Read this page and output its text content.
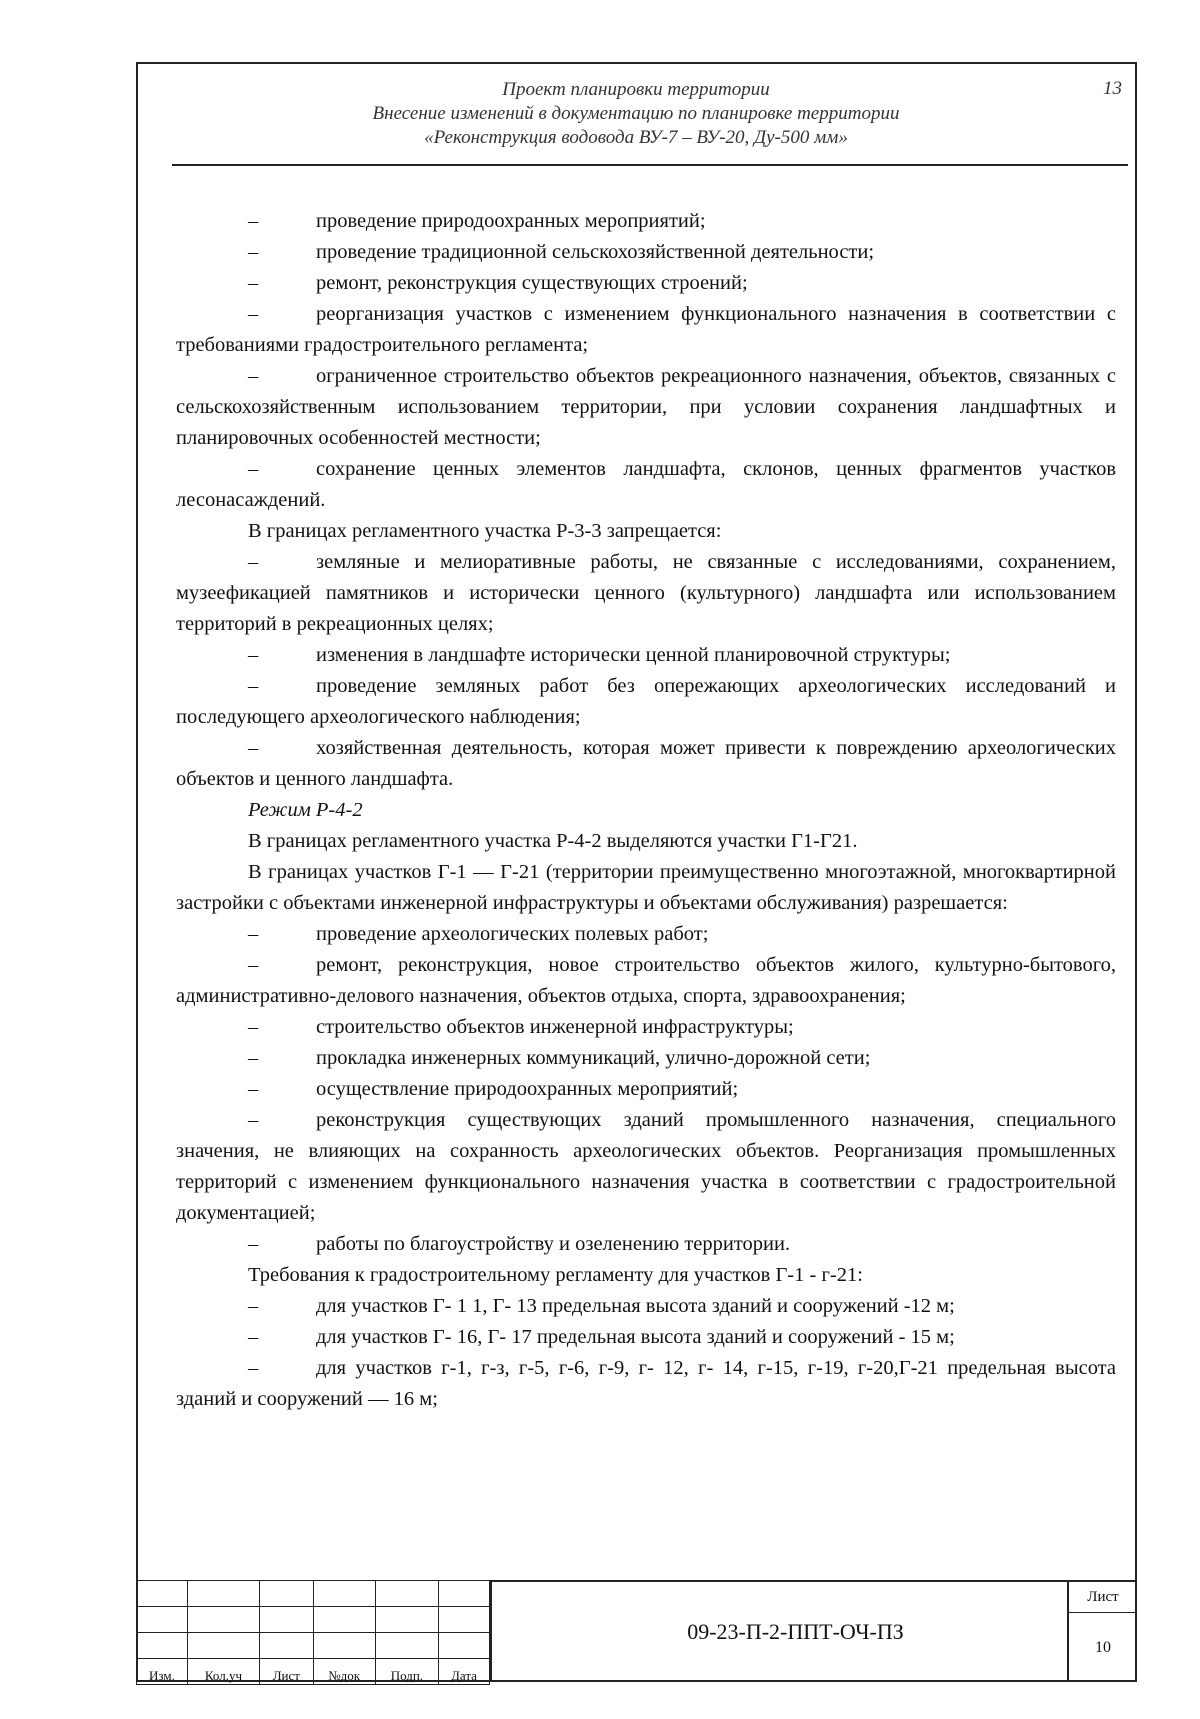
Проект планировки территории
Внесение изменений в документацию по планировке территории
«Реконструкция водовода ВУ-7 – ВУ-20, Ду-500 мм»
13

– проведение природоохранных мероприятий;

– проведение традиционной сельскохозяйственной деятельности;

– ремонт, реконструкция существующих строений;

– реорганизация участков с изменением функционального назначения в соответствии с требованиями градостроительного регламента;

– ограниченное строительство объектов рекреационного назначения, объектов, связанных с сельскохозяйственным использованием территории, при условии сохранения ландшафтных и планировочных особенностей местности;

– сохранение ценных элементов ландшафта, склонов, ценных фрагментов участков лесонасаждений.

В границах регламентного участка Р-3-3 запрещается:

– земляные и мелиоративные работы, не связанные с исследованиями, сохранением, музеефикацией памятников и исторически ценного (культурного) ландшафта или использованием территорий в рекреационных целях;

– изменения в ландшафте исторически ценной планировочной структуры;

– проведение земляных работ без опережающих археологических исследований и последующего археологического наблюдения;

– хозяйственная деятельность, которая может привести к повреждению археологических объектов и ценного ландшафта.

Режим Р-4-2

В границах регламентного участка Р-4-2 выделяются участки Г1-Г21.

В границах участков Г-1 — Г-21 (территории преимущественно многоэтажной, многоквартирной застройки с объектами инженерной инфраструктуры и объектами обслуживания) разрешается:

– проведение археологических полевых работ;

– ремонт, реконструкция, новое строительство объектов жилого, культурно-бытового, административно-делового назначения, объектов отдыха, спорта, здравоохранения;

– строительство объектов инженерной инфраструктуры;

– прокладка инженерных коммуникаций, улично-дорожной сети;

– осуществление природоохранных мероприятий;

– реконструкция существующих зданий промышленного назначения, специального значения, не влияющих на сохранность археологических объектов. Реорганизация промышленных территорий с изменением функционального назначения участка в соответствии с градостроительной документацией;

– работы по благоустройству и озеленению территории.

Требования к градостроительному регламенту для участков Г-1 - г-21:

– для участков Г- 1 1, Г- 13 предельная высота зданий и сооружений -12 м;

– для участков Г- 16, Г- 17 предельная высота зданий и сооружений - 15 м;

– для участков г-1, г-з, г-5, г-6, г-9, г- 12, г- 14, г-15, г-19, г-20,Г-21 предельная высота зданий и сооружений — 16 м;

Изм.	Кол.уч	Лист	№док	Подп.	Дата
09-23-П-2-ППТ-ОЧ-ПЗ
Лист
10
